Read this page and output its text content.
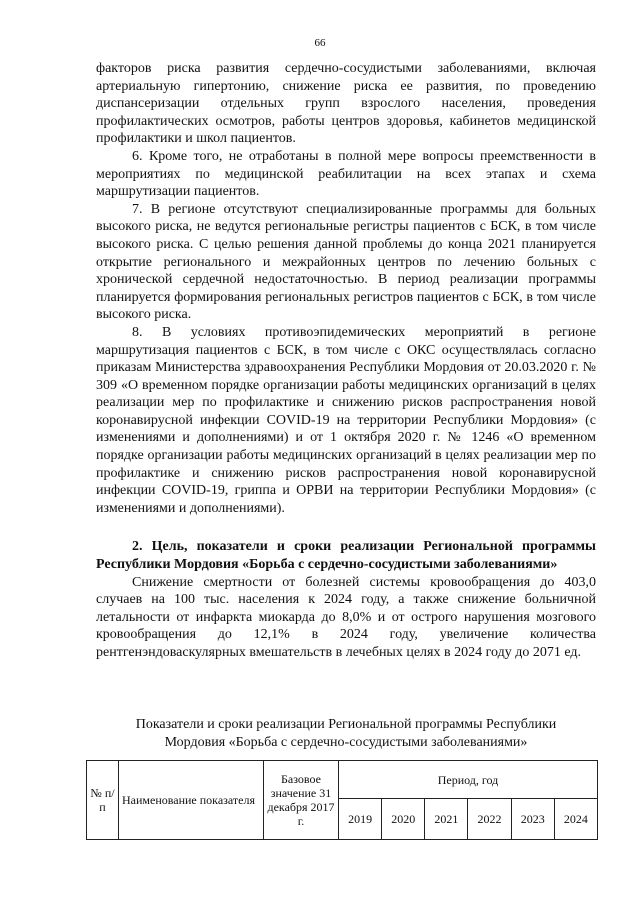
66

факторов риска развития сердечно-сосудистыми заболеваниями, включая артериальную гипертонию, снижение риска ее развития, по проведению диспансеризации отдельных групп взрослого населения, проведения профилактических осмотров, работы центров здоровья, кабинетов медицинской профилактики и школ пациентов.

6. Кроме того, не отработаны в полной мере вопросы преемственности в мероприятиях по медицинской реабилитации на всех этапах и схема маршрутизации пациентов.

7. В регионе отсутствуют специализированные программы для больных высокого риска, не ведутся региональные регистры пациентов с БСК, в том числе высокого риска. С целью решения данной проблемы до конца 2021 планируется открытие регионального и межрайонных центров по лечению больных с хронической сердечной недостаточностью. В период реализации программы планируется формирования региональных регистров пациентов с БСК, в том числе высокого риска.

8. В условиях противоэпидемических мероприятий в регионе маршрутизация пациентов с БСК, в том числе с ОКС осуществлялась согласно приказам Министерства здравоохранения Республики Мордовия от 20.03.2020 г. № 309 «О временном порядке организации работы медицинских организаций в целях реализации мер по профилактике и снижению рисков распространения новой коронавирусной инфекции COVID-19 на территории Республики Мордовия» (с изменениями и дополнениями) и от 1 октября 2020 г. № 1246 «О временном порядке организации работы медицинских организаций в целях реализации мер по профилактике и снижению рисков распространения новой коронавирусной инфекции COVID-19, гриппа и ОРВИ на территории Республики Мордовия» (с изменениями и дополнениями).

2. Цель, показатели и сроки реализации Региональной программы Республики Мордовия «Борьба с сердечно-сосудистыми заболеваниями»

Снижение смертности от болезней системы кровообращения до 403,0 случаев на 100 тыс. населения к 2024 году, а также снижение больничной летальности от инфаркта миокарда до 8,0% и от острого нарушения мозгового кровообращения до 12,1% в 2024 году, увеличение количества рентгенэндоваскулярных вмешательств в лечебных целях в 2024 году до 2071 ед.

Показатели и сроки реализации Региональной программы Республики
Мордовия «Борьба с сердечно-сосудистыми заболеваниями»
№ п/п	Наименование показателя	Базовое значение 31 декабря 2017 г.	Период, год					
			2019	2020	2021	2022	2023	2024
